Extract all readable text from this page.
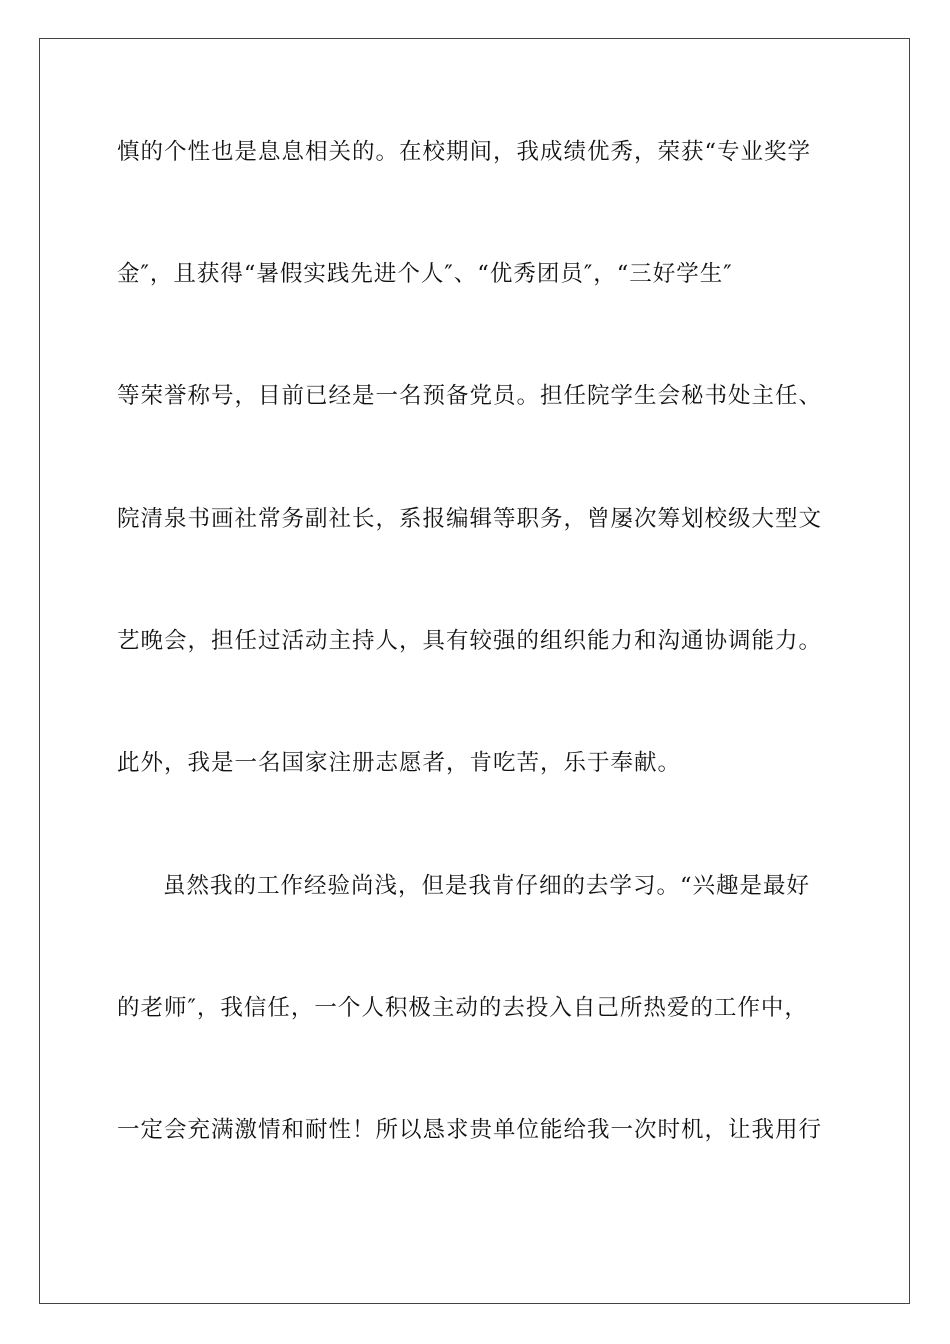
慎的个性也是息息相关的。在校期间，我成绩优秀，荣获“专业奖学
金″，且获得“暑假实践先进个人″、“优秀团员″，“三好学生″
等荣誉称号，目前已经是一名预备党员。担任院学生会秘书处主任、
院清泉书画社常务副社长，系报编辑等职务，曾屡次筹划校级大型文
艺晚会，担任过活动主持人，具有较强的组织能力和沟通协调能力。
此外，我是一名国家注册志愿者，肯吃苦，乐于奉献。
虽然我的工作经验尚浅，但是我肯仔细的去学习。“兴趣是最好
的老师″，我信任，一个人积极主动的去投入自己所热爱的工作中，
一定会充满激情和耐性！所以恳求贵单位能给我一次时机，让我用行
